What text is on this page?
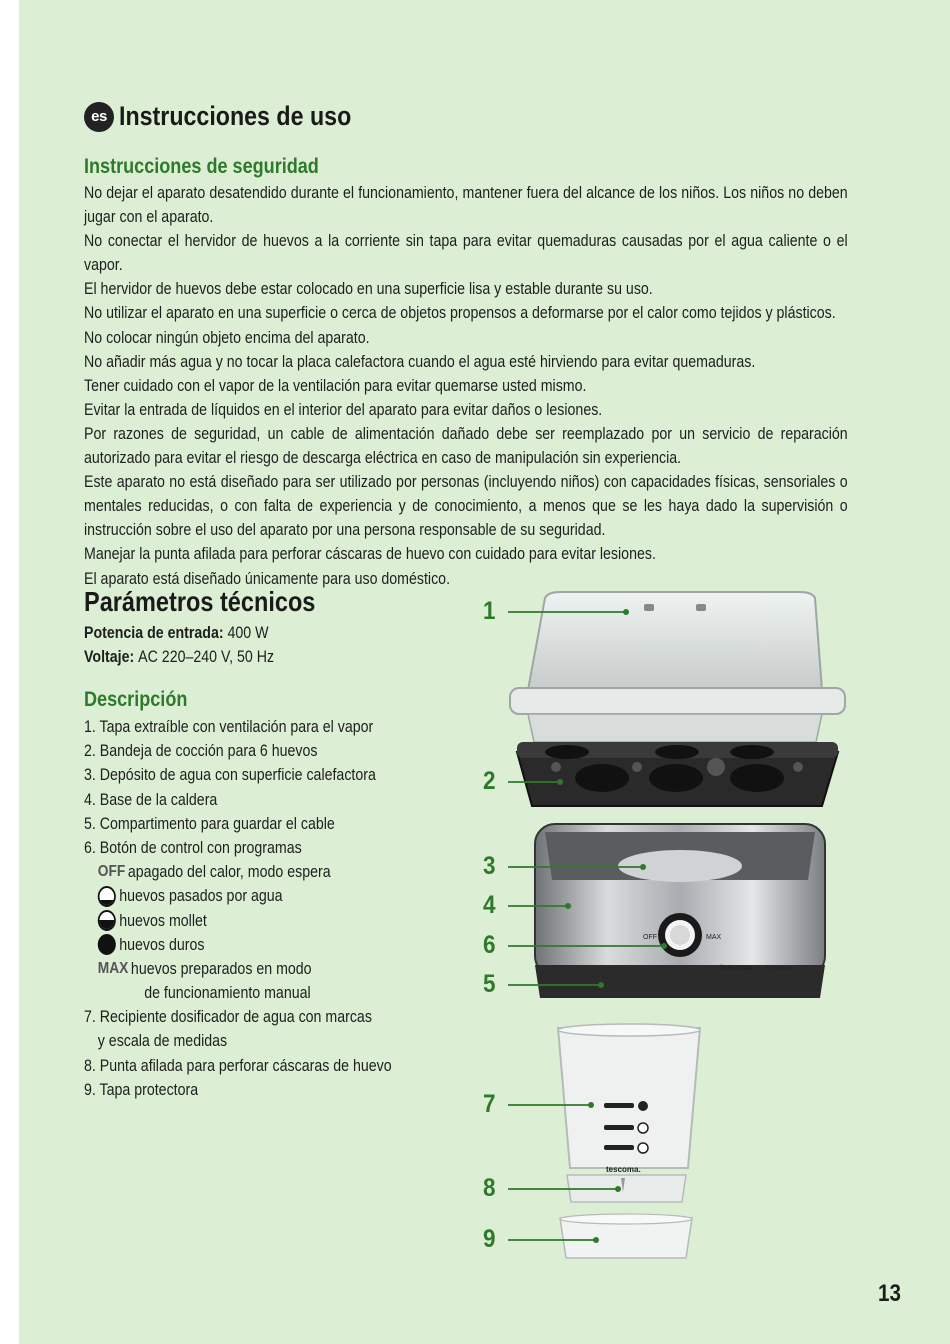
es Instrucciones de uso
Instrucciones de seguridad

No dejar el aparato desatendido durante el funcionamiento, mantener fuera del alcance de los niños. Los niños no deben jugar con el aparato.

No conectar el hervidor de huevos a la corriente sin tapa para evitar quemaduras causadas por el agua caliente o el vapor.

El hervidor de huevos debe estar colocado en una superficie lisa y estable durante su uso.

No utilizar el aparato en una superficie o cerca de objetos propensos a deformarse por el calor como tejidos y plásticos.

No colocar ningún objeto encima del aparato.

No añadir más agua y no tocar la placa calefactora cuando el agua esté hirviendo para evitar quemaduras.

Tener cuidado con el vapor de la ventilación para evitar quemarse usted mismo.

Evitar la entrada de líquidos en el interior del aparato para evitar daños o lesiones.

Por razones de seguridad, un cable de alimentación dañado debe ser reemplazado por un servicio de reparación autorizado para evitar el riesgo de descarga eléctrica en caso de manipulación sin experiencia.

Este aparato no está diseñado para ser utilizado por personas (incluyendo niños) con capacidades físicas, sensoriales o mentales reducidas, o con falta de experiencia y de conocimiento, a menos que se les haya dado la supervisión o instrucción sobre el uso del aparato por una persona responsable de su seguridad.

Manejar la punta afilada para perforar cáscaras de huevo con cuidado para evitar lesiones.

El aparato está diseñado únicamente para uso doméstico.

Parámetros técnicos
Potencia de entrada: 400 W
Voltaje: AC 220–240 V, 50 Hz
Descripción
1. Tapa extraíble con ventilación para el vapor
2. Bandeja de cocción para 6 huevos
3. Depósito de agua con superficie calefactora
4. Base de la caldera
5. Compartimento para guardar el cable
6. Botón de control con programas
OFF apagado del calor, modo espera
huevos pasados por agua
huevos mollet
huevos duros
MAX huevos preparados en modo
de funcionamiento manual
7. Recipiente dosificador de agua con marcas
y escala de medidas
8. Punta afilada para perforar cáscaras de huevo
9. Tapa protectora
1
2
3
4
6
5
7
8
9
OFF	MAX
tescoma. President
tescoma.
13
